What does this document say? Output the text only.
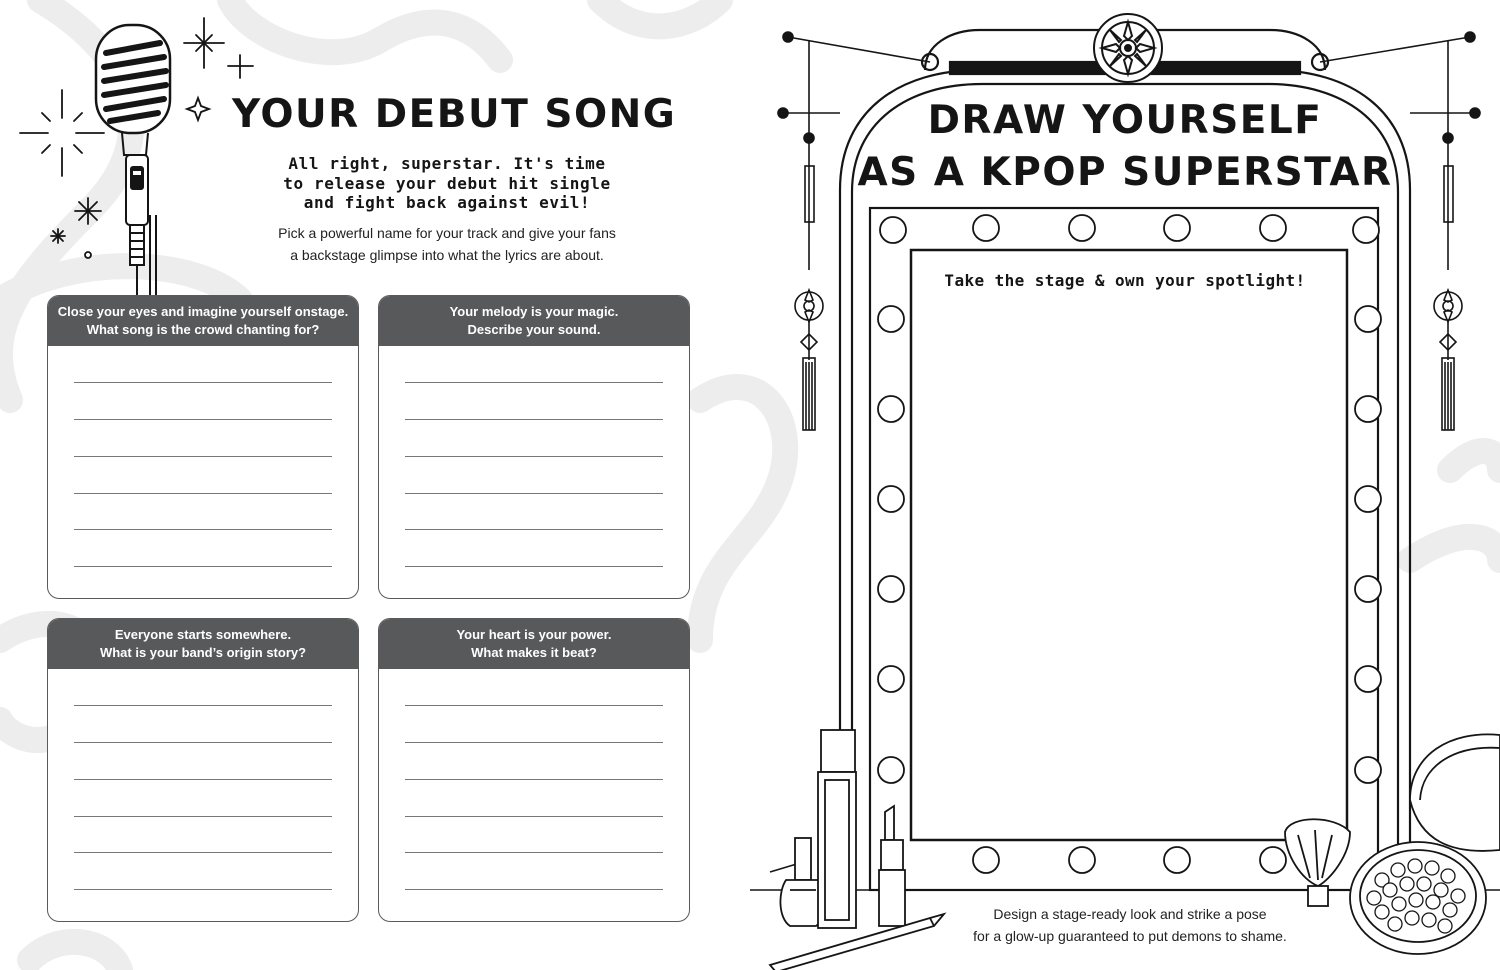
YOUR DEBUT SONG
All right, superstar. It's time
to release your debut hit single
and fight back against evil!
Pick a powerful name for your track and give your fans
a backstage glimpse into what the lyrics are about.
Close your eyes and imagine yourself onstage.
What song is the crowd chanting for?
Your melody is your magic.
Describe your sound.
Everyone starts somewhere.
What is your band’s origin story?
Your heart is your power.
What makes it beat?
DRAW YOURSELF
AS A KPOP SUPERSTAR
Take the stage & own your spotlight!
Design a stage-ready look and strike a pose
for a glow-up guaranteed to put demons to shame.
